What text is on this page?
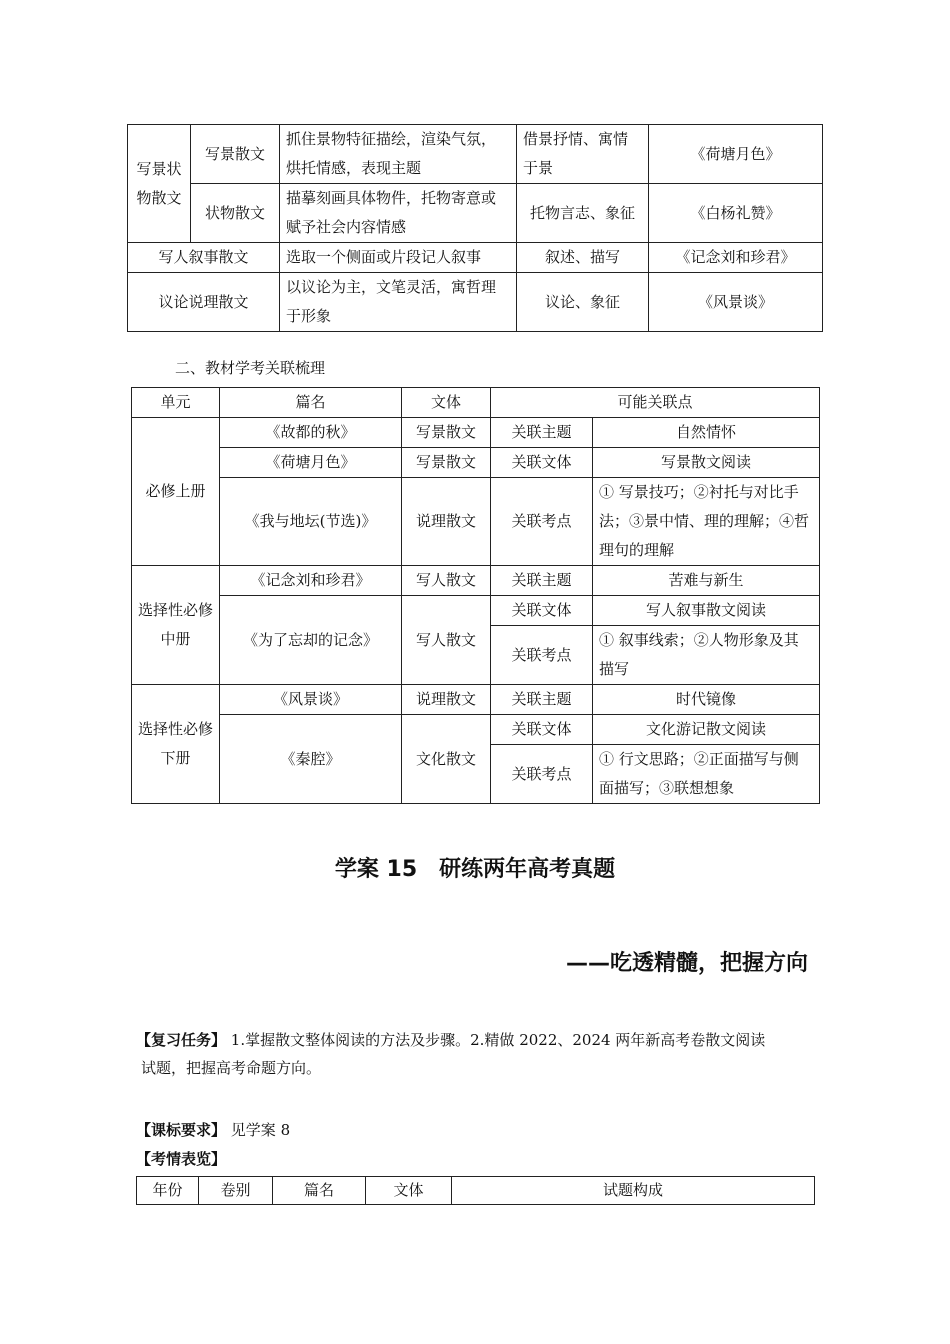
写景状物散文	写景散文	抓住景物特征描绘，渲染气氛，烘托情感，表现主题	借景抒情、寓情于景	《荷塘月色》
	状物散文	描摹刻画具体物件，托物寄意或赋予社会内容情感	托物言志、象征	《白杨礼赞》
写人叙事散文		选取一个侧面或片段记人叙事	叙述、描写	《记念刘和珍君》
议论说理散文		以议论为主，文笔灵活，寓哲理于形象	议论、象征	《风景谈》
二、教材学考关联梳理
单元	篇名	文体	可能关联点	
必修上册	《故都的秋》	写景散文	关联主题	自然情怀
	《荷塘月色》	写景散文	关联文体	写景散文阅读
	《我与地坛(节选)》	说理散文	关联考点	① 写景技巧；②衬托与对比手法；③景中情、理的理解；④哲理句的理解
选择性必修中册	《记念刘和珍君》	写人散文	关联主题	苦难与新生
	《为了忘却的记念》	写人散文	关联文体	写人叙事散文阅读
			关联考点	① 叙事线索；②人物形象及其描写
选择性必修下册	《风景谈》	说理散文	关联主题	时代镜像
	《秦腔》	文化散文	关联文体	文化游记散文阅读
			关联考点	① 行文思路；②正面描写与侧面描写；③联想想象
学案 15　研练两年高考真题
——吃透精髓，把握方向
【复习任务】 1.掌握散文整体阅读的方法及步骤。2.精做 2022、2024 两年新高考卷散文阅读
试题，把握高考命题方向。
【课标要求】 见学案 8
【考情表览】
年份	卷别	篇名	文体	试题构成
